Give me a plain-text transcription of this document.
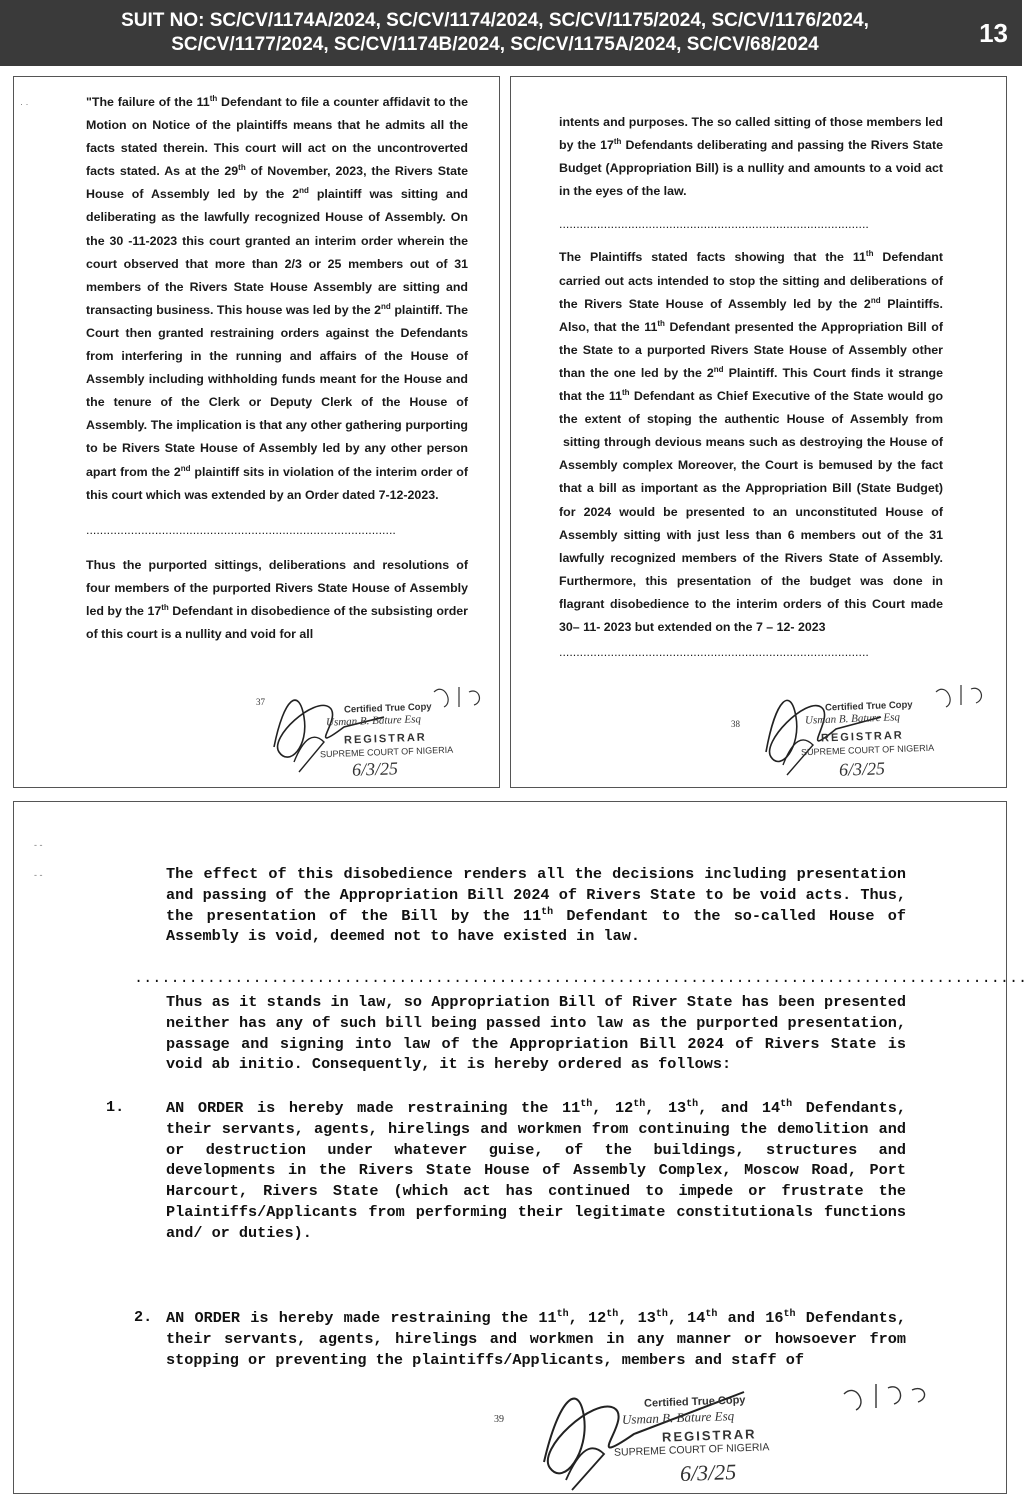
SUIT NO: SC/CV/1174A/2024, SC/CV/1174/2024, SC/CV/1175/2024, SC/CV/1176/2024,
SC/CV/1177/2024, SC/CV/1174B/2024, SC/CV/1175A/2024, SC/CV/68/2024	13
· ·	"The failure of the 11th Defendant to file a counter affidavit to the Motion on Notice of the plaintiffs means that he admits all the facts stated therein. This court will act on the uncontroverted facts stated. As at the 29th of November, 2023, the Rivers State House of Assembly led by the 2nd plaintiff was sitting and deliberating as the lawfully recognized House of Assembly. On the 30 -11-2023 this court granted an interim order wherein the court observed that more than 2/3 or 25 members out of 31 members of the Rivers State House Assembly are sitting and transacting business. This house was led by the 2nd plaintiff. The Court then granted restraining orders against the Defendants from interfering in the running and affairs of the House of Assembly including withholding funds meant for the House and the tenure of the Clerk or Deputy Clerk of the House of Assembly. The implication is that any other gathering purporting to be Rivers State House of Assembly led by any other person apart from the 2nd plaintiff sits in violation of the interim order of this court which was extended by an Order dated 7-12-2023.

..........................................................................................

Thus the purported sittings, deliberations and resolutions of four members of the purported Rivers State House of Assembly led by the 17th Defendant in disobedience of the subsisting order of this court is a nullity and void for all

37	Certified True Copy
Usman B. Bature Esq
REGISTRAR
SUPREME COURT OF NIGERIA
6/3/25

intents and purposes. The so called sitting of those members led by the 17th Defendants deliberating and passing the Rivers State Budget (Appropriation Bill) is a nullity and amounts to a void act in the eyes of the law.

..........................................................................................

The Plaintiffs stated facts showing that the 11th Defendant carried out acts intended to stop the sitting and deliberations of the Rivers State House of Assembly led by the 2nd Plaintiffs. Also, that the 11th Defendant presented the Appropriation Bill of the State to a purported Rivers State House of Assembly other than the one led by the 2nd Plaintiff. This Court finds it strange that the 11th Defendant as Chief Executive of the State would go the extent of stoping the authentic House of Assembly from  sitting through devious means such as destroying the House of Assembly complex Moreover, the Court is bemused by the fact that a bill as important as the Appropriation Bill (State Budget) for 2024 would be presented to an unconstituted House of Assembly sitting with just less than 6 members out of the 31 lawfully recognized members of the Rivers State of Assembly. Furthermore, this presentation of the budget was done in flagrant disobedience to the interim orders of this Court made 30– 11- 2023 but extended on the 7 – 12- 2023

..........................................................................................

38
Certified True Copy
Usman B. Bature Esq
REGISTRAR
SUPREME COURT OF NIGERIA
6/3/25
- -
- -	The effect of this disobedience renders all the decisions including presentation and passing of the Appropriation Bill 2024 of Rivers State to be void acts. Thus, the presentation of the Bill by the 11th Defendant to the so-called House of Assembly is void, deemed not to have existed in law.

..................................................................................................

Thus as it stands in law, so Appropriation Bill of River State has been presented neither has any of such bill being passed into law as the purported presentation, passage and signing into law of the Appropriation Bill 2024 of Rivers State is void ab initio. Consequently, it is hereby ordered as follows:

1.	AN ORDER is hereby made restraining the 11th, 12th, 13th, and 14th Defendants, their servants, agents, hirelings and workmen from continuing the demolition and or destruction under whatever guise, of the buildings, structures and developments in the Rivers State House of Assembly Complex, Moscow Road, Port Harcourt, Rivers State (which act has continued to impede or frustrate the Plaintiffs/Applicants from performing their legitimate constitutionals functions and/ or duties).

2. AN ORDER is hereby made restraining the 11th, 12th, 13th, 14th and 16th Defendants, their servants, agents, hirelings and workmen in any manner or howsoever from stopping or preventing the plaintiffs/Applicants, members and staff of

39
Certified True Copy
Usman B. Bature Esq
REGISTRAR
SUPREME COURT OF NIGERIA
6/3/25
